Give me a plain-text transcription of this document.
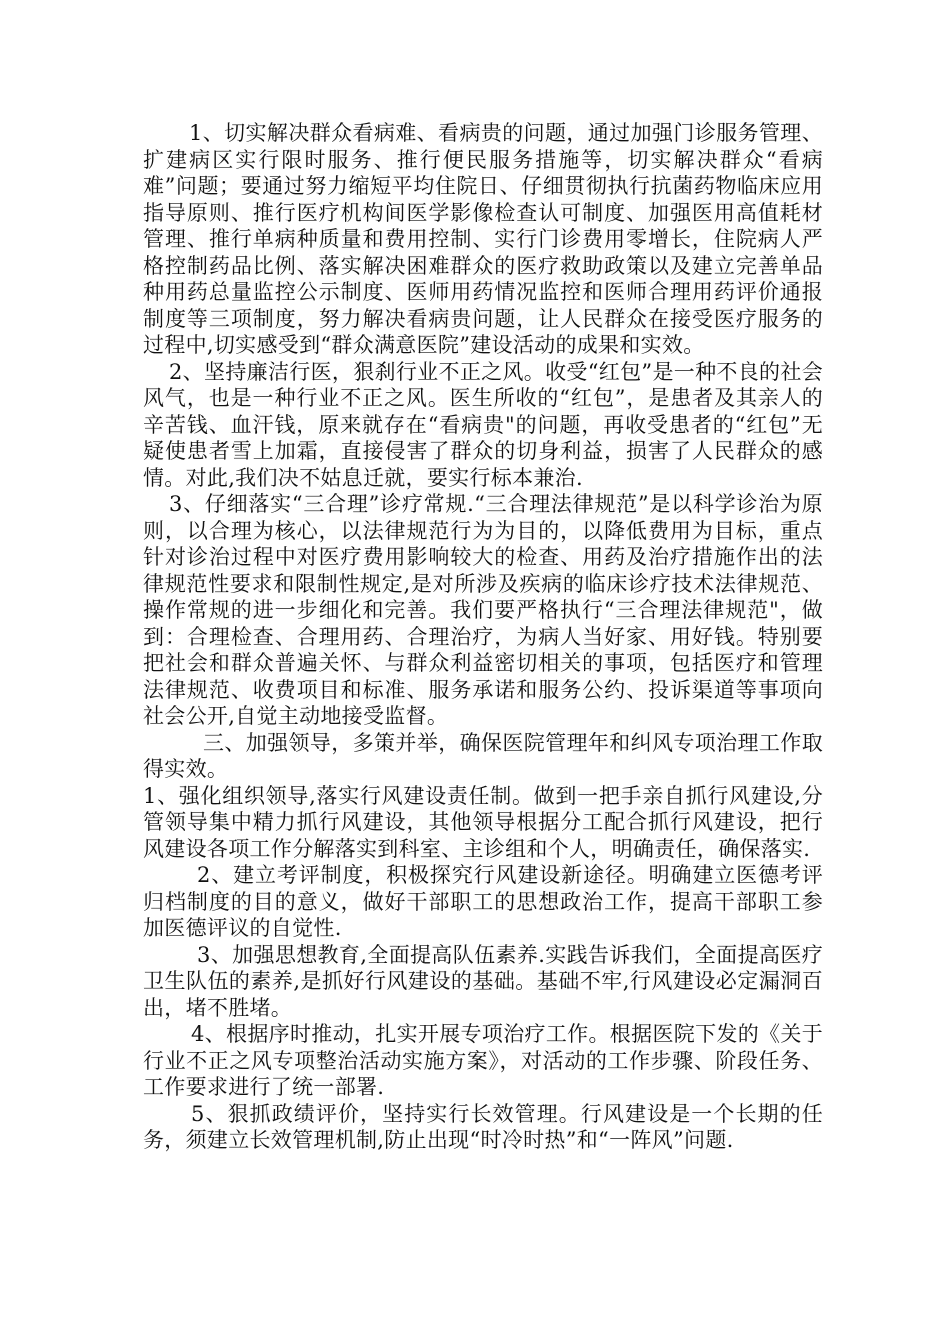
1、切实解决群众看病难、看病贵的问题，通过加强门诊服务管理、扩建病区实行限时服务、推行便民服务措施等，切实解决群众“看病难”问题；要通过努力缩短平均住院日、仔细贯彻执行抗菌药物临床应用指导原则、推行医疗机构间医学影像检查认可制度、加强医用高值耗材管理、推行单病种质量和费用控制、实行门诊费用零增长，住院病人严格控制药品比例、落实解决困难群众的医疗救助政策以及建立完善单品种用药总量监控公示制度、医师用药情况监控和医师合理用药评价通报制度等三项制度，努力解决看病贵问题，让人民群众在接受医疗服务的过程中,切实感受到“群众满意医院”建设活动的成果和实效。

2、坚持廉洁行医，狠刹行业不正之风。收受“红包”是一种不良的社会风气，也是一种行业不正之风。医生所收的“红包”，是患者及其亲人的辛苦钱、血汗钱，原来就存在“看病贵"的问题，再收受患者的“红包”无疑使患者雪上加霜，直接侵害了群众的切身利益，损害了人民群众的感情。对此,我们决不姑息迁就，要实行标本兼治.

3、仔细落实“三合理”诊疗常规.“三合理法律规范”是以科学诊治为原则，以合理为核心，以法律规范行为为目的，以降低费用为目标，重点针对诊治过程中对医疗费用影响较大的检查、用药及治疗措施作出的法律规范性要求和限制性规定,是对所涉及疾病的临床诊疗技术法律规范、操作常规的进一步细化和完善。我们要严格执行“三合理法律规范"，做到：合理检查、合理用药、合理治疗，为病人当好家、用好钱。特别要把社会和群众普遍关怀、与群众利益密切相关的事项，包括医疗和管理法律规范、收费项目和标准、服务承诺和服务公约、投诉渠道等事项向社会公开,自觉主动地接受监督。

三、加强领导，多策并举，确保医院管理年和纠风专项治理工作取得实效。

1、强化组织领导,落实行风建设责任制。做到一把手亲自抓行风建设,分管领导集中精力抓行风建设，其他领导根据分工配合抓行风建设，把行风建设各项工作分解落实到科室、主诊组和个人，明确责任，确保落实.

2、建立考评制度，积极探究行风建设新途径。明确建立医德考评归档制度的目的意义，做好干部职工的思想政治工作，提高干部职工参加医德评议的自觉性.

3、加强思想教育,全面提高队伍素养.实践告诉我们，全面提高医疗卫生队伍的素养,是抓好行风建设的基础。基础不牢,行风建设必定漏洞百出，堵不胜堵。

4、根据序时推动，扎实开展专项治疗工作。根据医院下发的《关于行业不正之风专项整治活动实施方案》，对活动的工作步骤、阶段任务、工作要求进行了统一部署.

5、狠抓政绩评价，坚持实行长效管理。行风建设是一个长期的任务，须建立长效管理机制,防止出现“时冷时热”和“一阵风”问题.
